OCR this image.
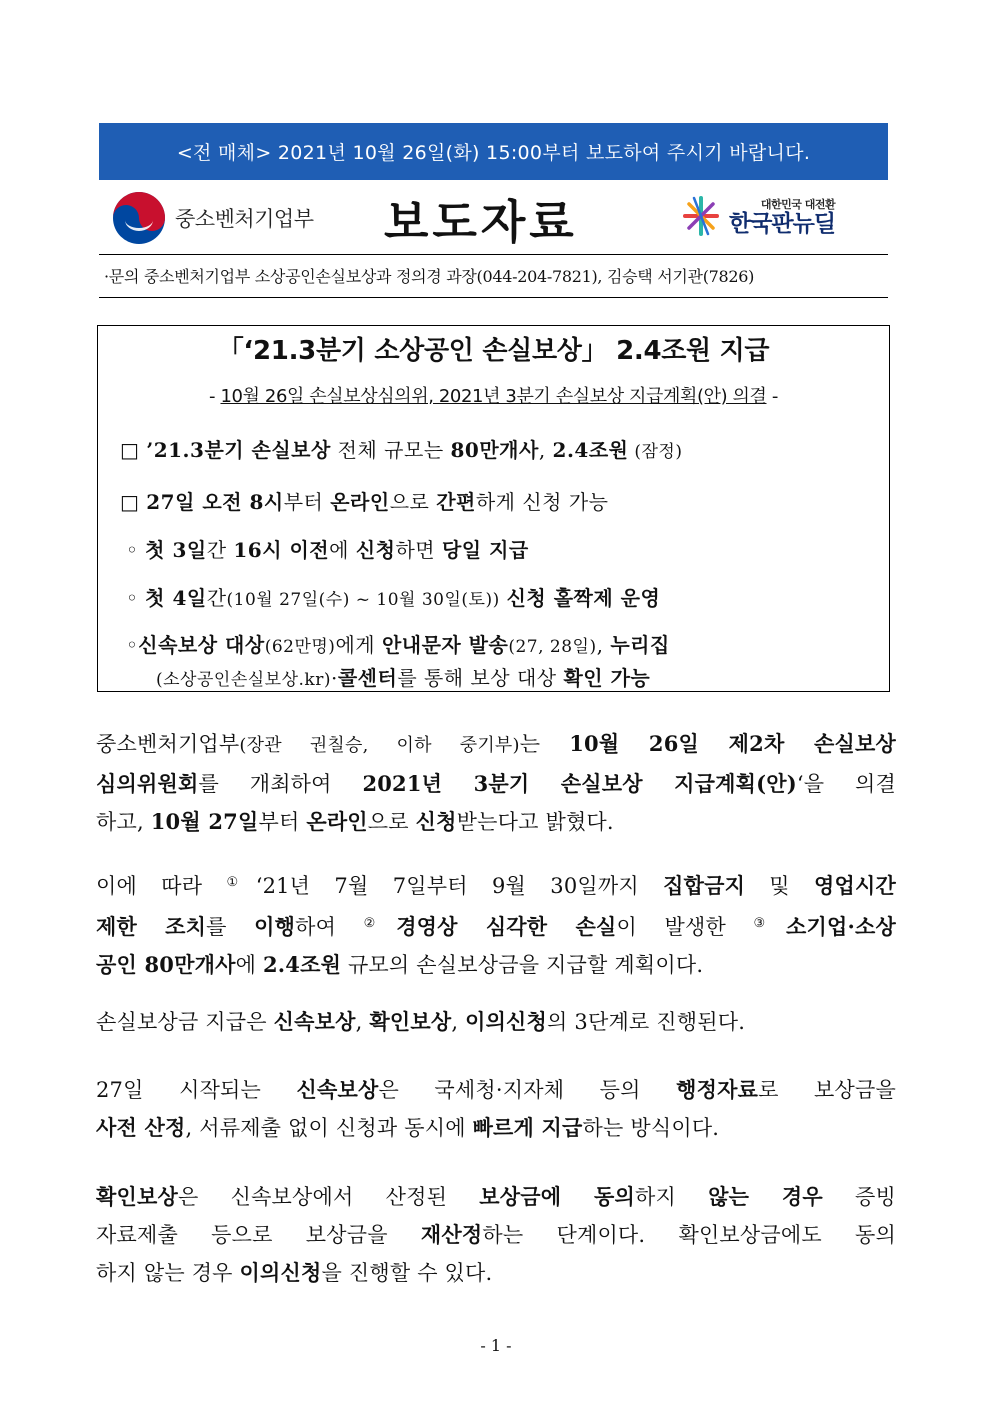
<전 매체> 2021년 10월 26일(화) 15:00부터 보도하여 주시기 바랍니다.
중소벤처기업부 보도자료	대한민국 대전환
한국판뉴딜
·문의 중소벤처기업부 소상공인손실보상과 정의경 과장(044-204-7821), 김승택 서기관(7826)
「‘21.3분기 소상공인 손실보상」 2.4조원 지급
- 10월 26일 손실보상심의위, 2021년 3분기 손실보상 지급계획(안) 의결 -
□ ’21.3분기 손실보상 전체 규모는 80만개사, 2.4조원 (잠정)
□ 27일 오전 8시부터 온라인으로 간편하게 신청 가능
◦ 첫 3일간 16시 이전에 신청하면 당일 지급
◦ 첫 4일간(10월 27일(수) ~ 10월 30일(토)) 신청 홀짝제 운영
◦신속보상 대상(62만명)에게 안내문자 발송(27, 28일), 누리집
(소상공인손실보상.kr)·콜센터를 통해 보상 대상 확인 가능
중소벤처기업부(장관 권칠승, 이하 중기부)는 10월 26일 제2차 손실보상
심의위원회를 개최하여 2021년 3분기 손실보상 지급계획(안)‘을 의결
하고, 10월 27일부터 온라인으로 신청받는다고 밝혔다.
이에 따라 ①‘21년 7월 7일부터 9월 30일까지 집합금지 및 영업시간
제한 조치를 이행하여 ②경영상 심각한 손실이 발생한 ③소기업·소상
공인 80만개사에 2.4조원 규모의 손실보상금을 지급할 계획이다.
손실보상금 지급은 신속보상, 확인보상, 이의신청의 3단계로 진행된다.
27일 시작되는 신속보상은 국세청·지자체 등의 행정자료로 보상금을
사전 산정, 서류제출 없이 신청과 동시에 빠르게 지급하는 방식이다.
확인보상은 신속보상에서 산정된 보상금에 동의하지 않는 경우 증빙
자료제출 등으로 보상금을 재산정하는 단계이다. 확인보상금에도 동의
하지 않는 경우 이의신청을 진행할 수 있다.
- 1 -
